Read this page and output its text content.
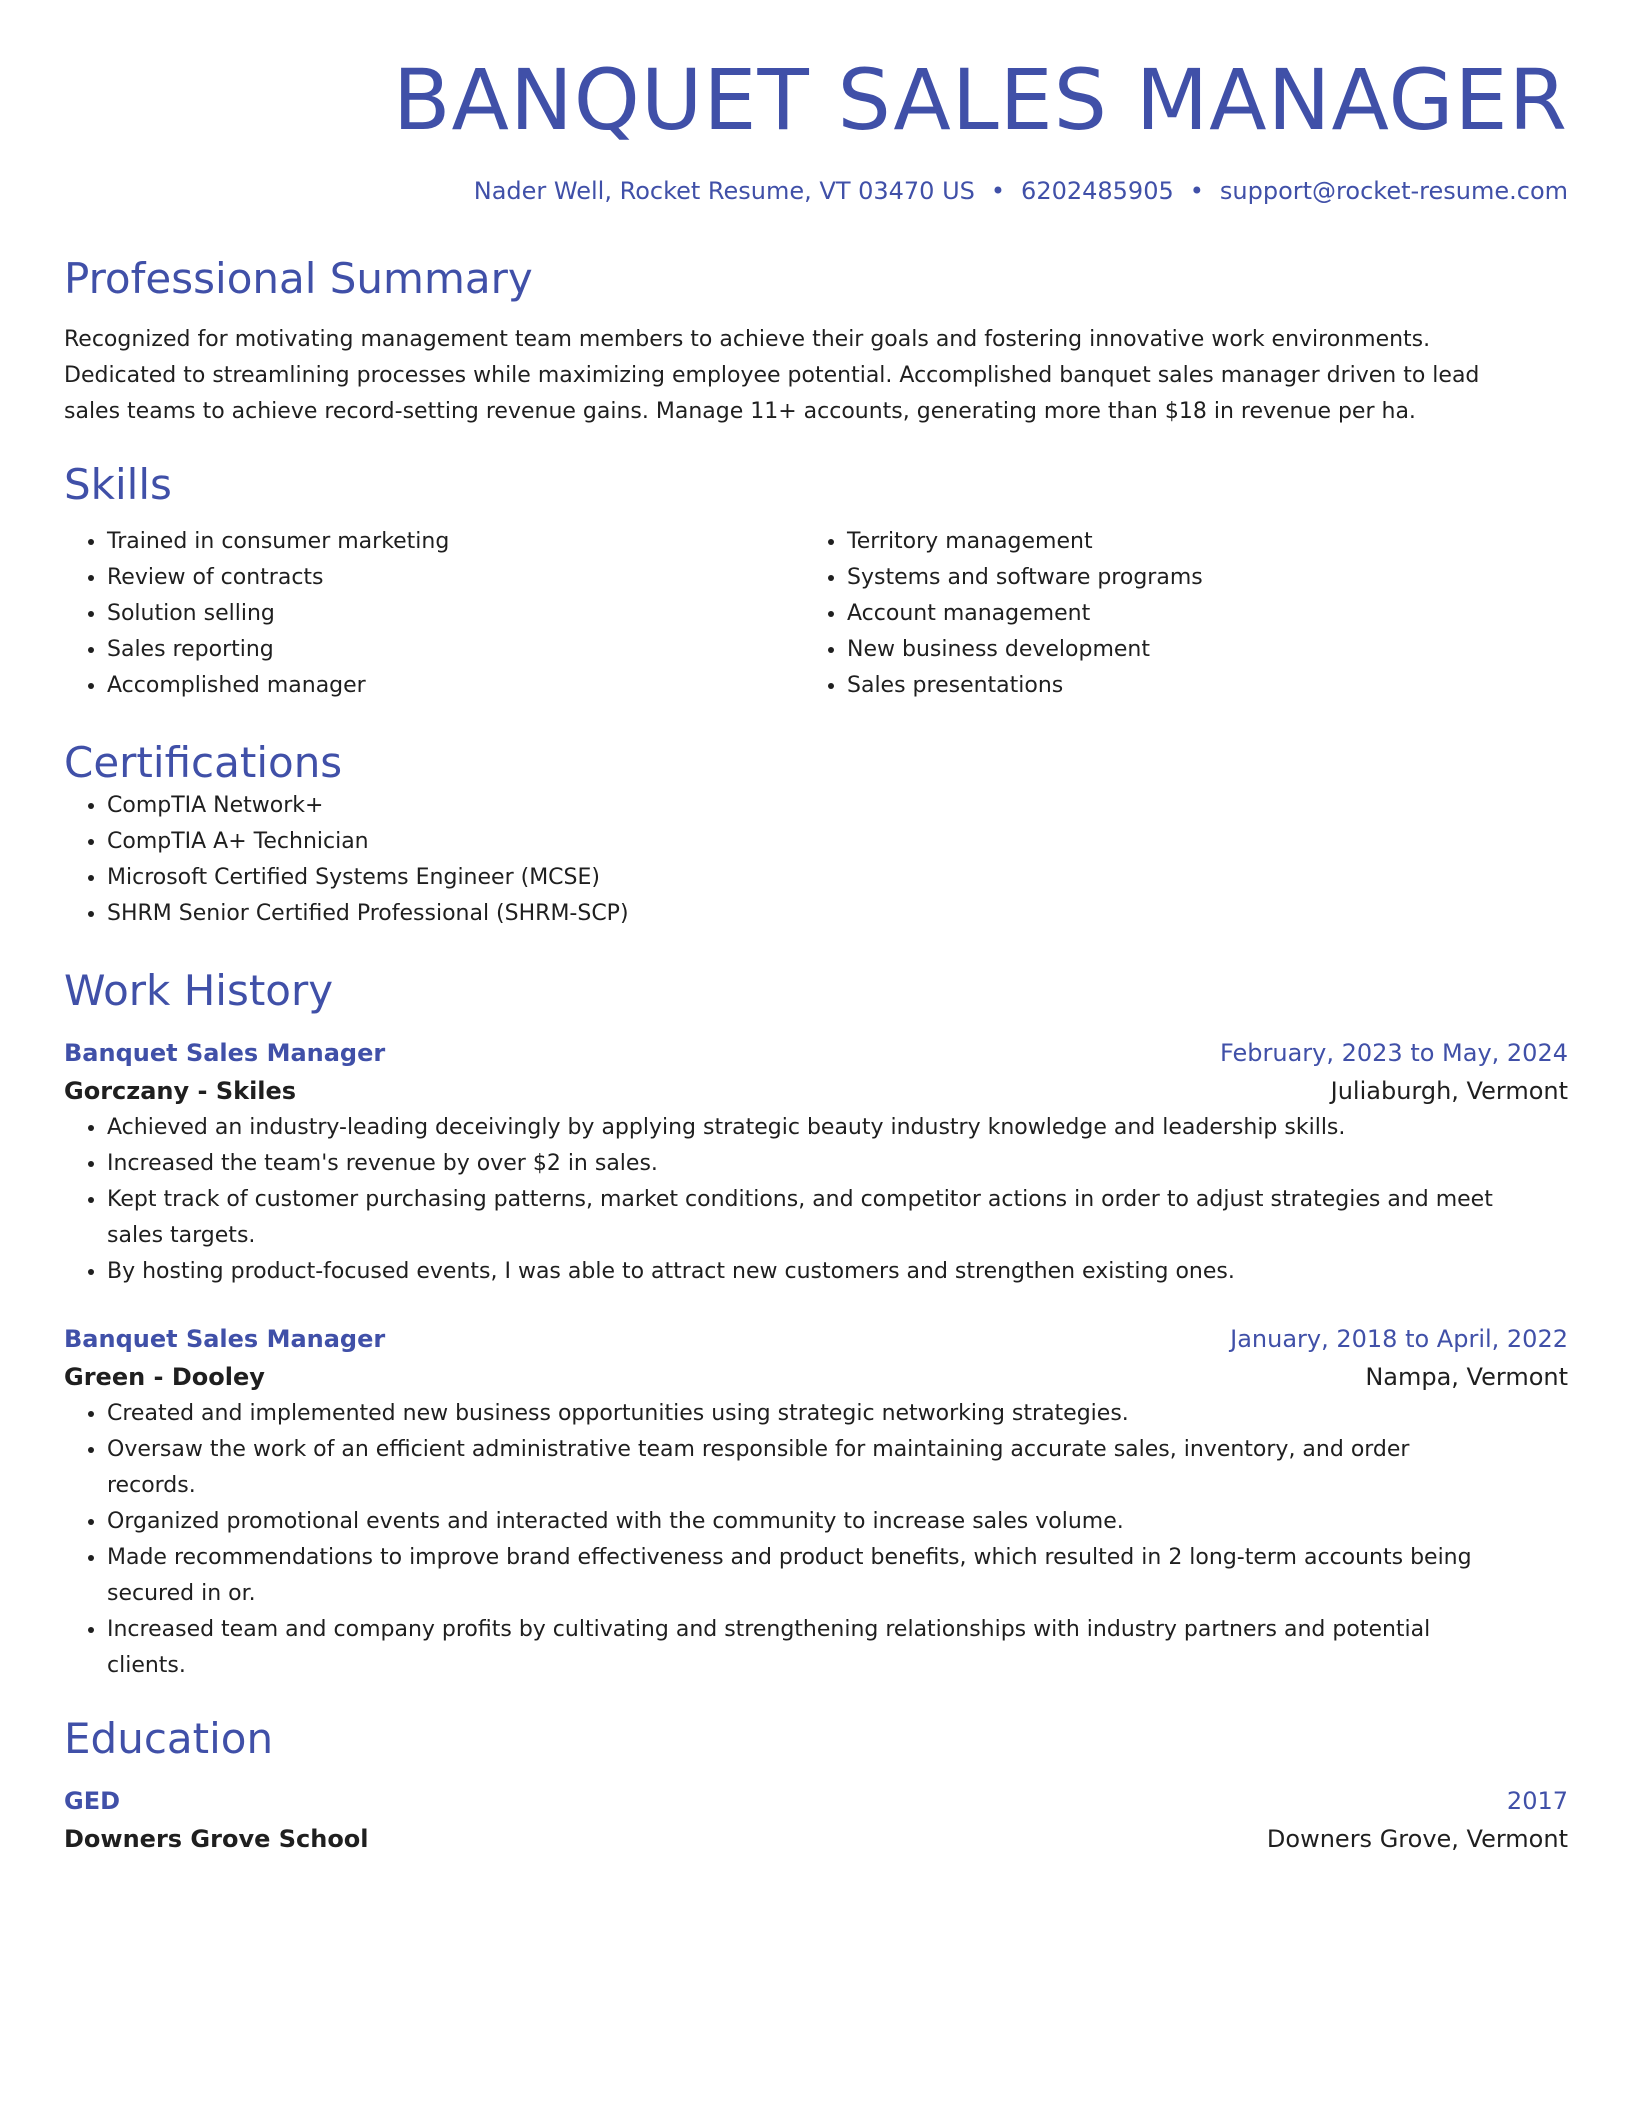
BANQUET SALES MANAGER
Nader Well, Rocket Resume, VT 03470 US • 6202485905 • support@rocket-resume.com
Professional Summary
Recognized for motivating management team members to achieve their goals and fostering innovative work environments. Dedicated to streamlining processes while maximizing employee potential. Accomplished banquet sales manager driven to lead sales teams to achieve record-setting revenue gains. Manage 11+ accounts, generating more than $18 in revenue per ha.
Skills
• Trained in consumer marketing
• Review of contracts
• Solution selling
• Sales reporting
• Accomplished manager
• Territory management
• Systems and software programs
• Account management
• New business development
• Sales presentations
Certifications
• CompTIA Network+
• CompTIA A+ Technician
• Microsoft Certified Systems Engineer (MCSE)
• SHRM Senior Certified Professional (SHRM-SCP)
Work History
Banquet Sales Manager	February, 2023 to May, 2024
Gorczany - Skiles	Juliaburgh, Vermont
• Achieved an industry-leading deceivingly by applying strategic beauty industry knowledge and leadership skills.
• Increased the team's revenue by over $2 in sales.
• Kept track of customer purchasing patterns, market conditions, and competitor actions in order to adjust strategies and meet sales targets.
• By hosting product-focused events, I was able to attract new customers and strengthen existing ones.
Banquet Sales Manager	January, 2018 to April, 2022
Green - Dooley	Nampa, Vermont
• Created and implemented new business opportunities using strategic networking strategies.
• Oversaw the work of an efficient administrative team responsible for maintaining accurate sales, inventory, and order records.
• Organized promotional events and interacted with the community to increase sales volume.
• Made recommendations to improve brand effectiveness and product benefits, which resulted in 2 long-term accounts being secured in or.
• Increased team and company profits by cultivating and strengthening relationships with industry partners and potential clients.
Education
GED	2017
Downers Grove School	Downers Grove, Vermont
